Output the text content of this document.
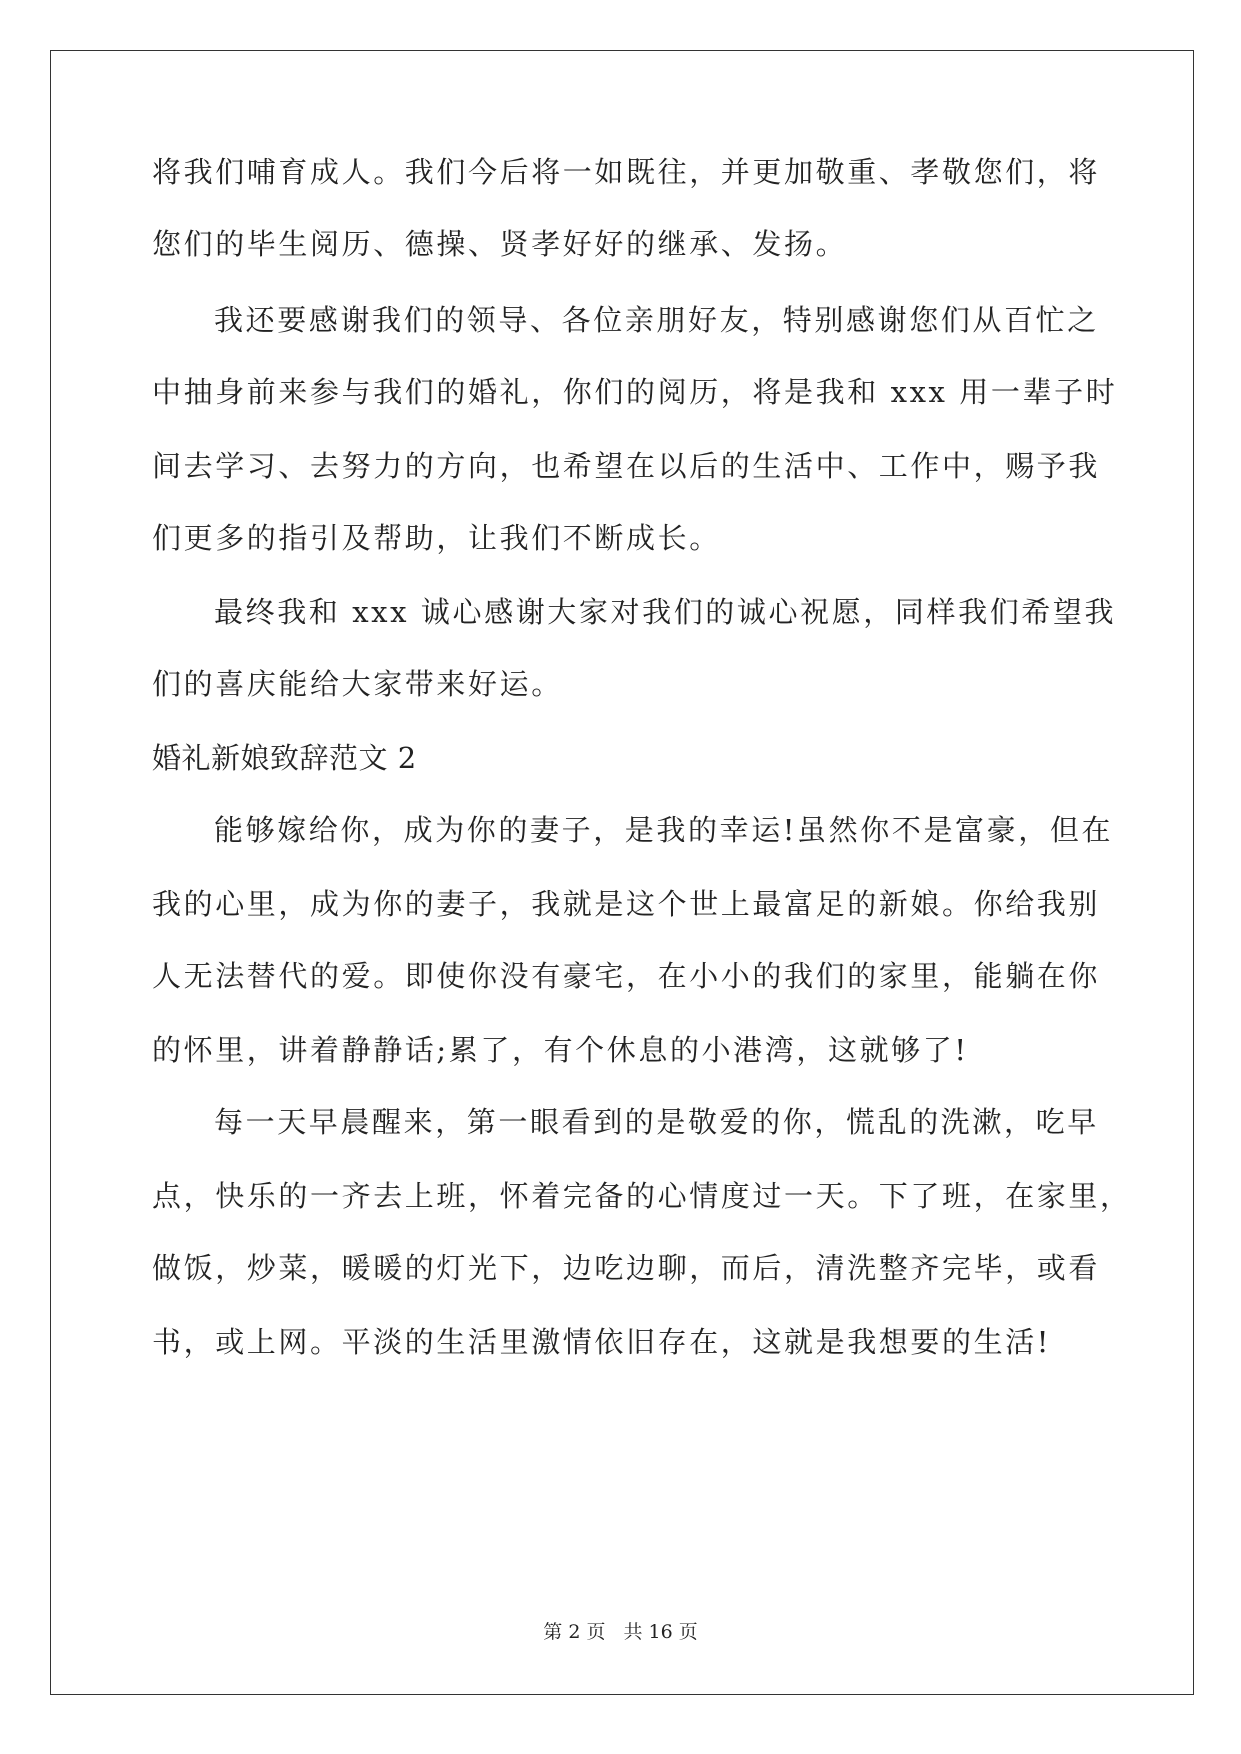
将我们哺育成人。我们今后将一如既往，并更加敬重、孝敬您们，将
您们的毕生阅历、德操、贤孝好好的继承、发扬。
我还要感谢我们的领导、各位亲朋好友，特别感谢您们从百忙之
中抽身前来参与我们的婚礼，你们的阅历，将是我和 xxx 用一辈子时
间去学习、去努力的方向，也希望在以后的生活中、工作中，赐予我
们更多的指引及帮助，让我们不断成长。
最终我和 xxx 诚心感谢大家对我们的诚心祝愿，同样我们希望我
们的喜庆能给大家带来好运。
婚礼新娘致辞范文 2
能够嫁给你，成为你的妻子，是我的幸运!虽然你不是富豪，但在
我的心里，成为你的妻子，我就是这个世上最富足的新娘。你给我别
人无法替代的爱。即使你没有豪宅，在小小的我们的家里，能躺在你
的怀里，讲着静静话;累了，有个休息的小港湾，这就够了!
每一天早晨醒来，第一眼看到的是敬爱的你，慌乱的洗漱，吃早
点，快乐的一齐去上班，怀着完备的心情度过一天。下了班，在家里，
做饭，炒菜，暖暖的灯光下，边吃边聊，而后，清洗整齐完毕，或看
书，或上网。平淡的生活里激情依旧存在，这就是我想要的生活!
第 2 页 共 16 页
